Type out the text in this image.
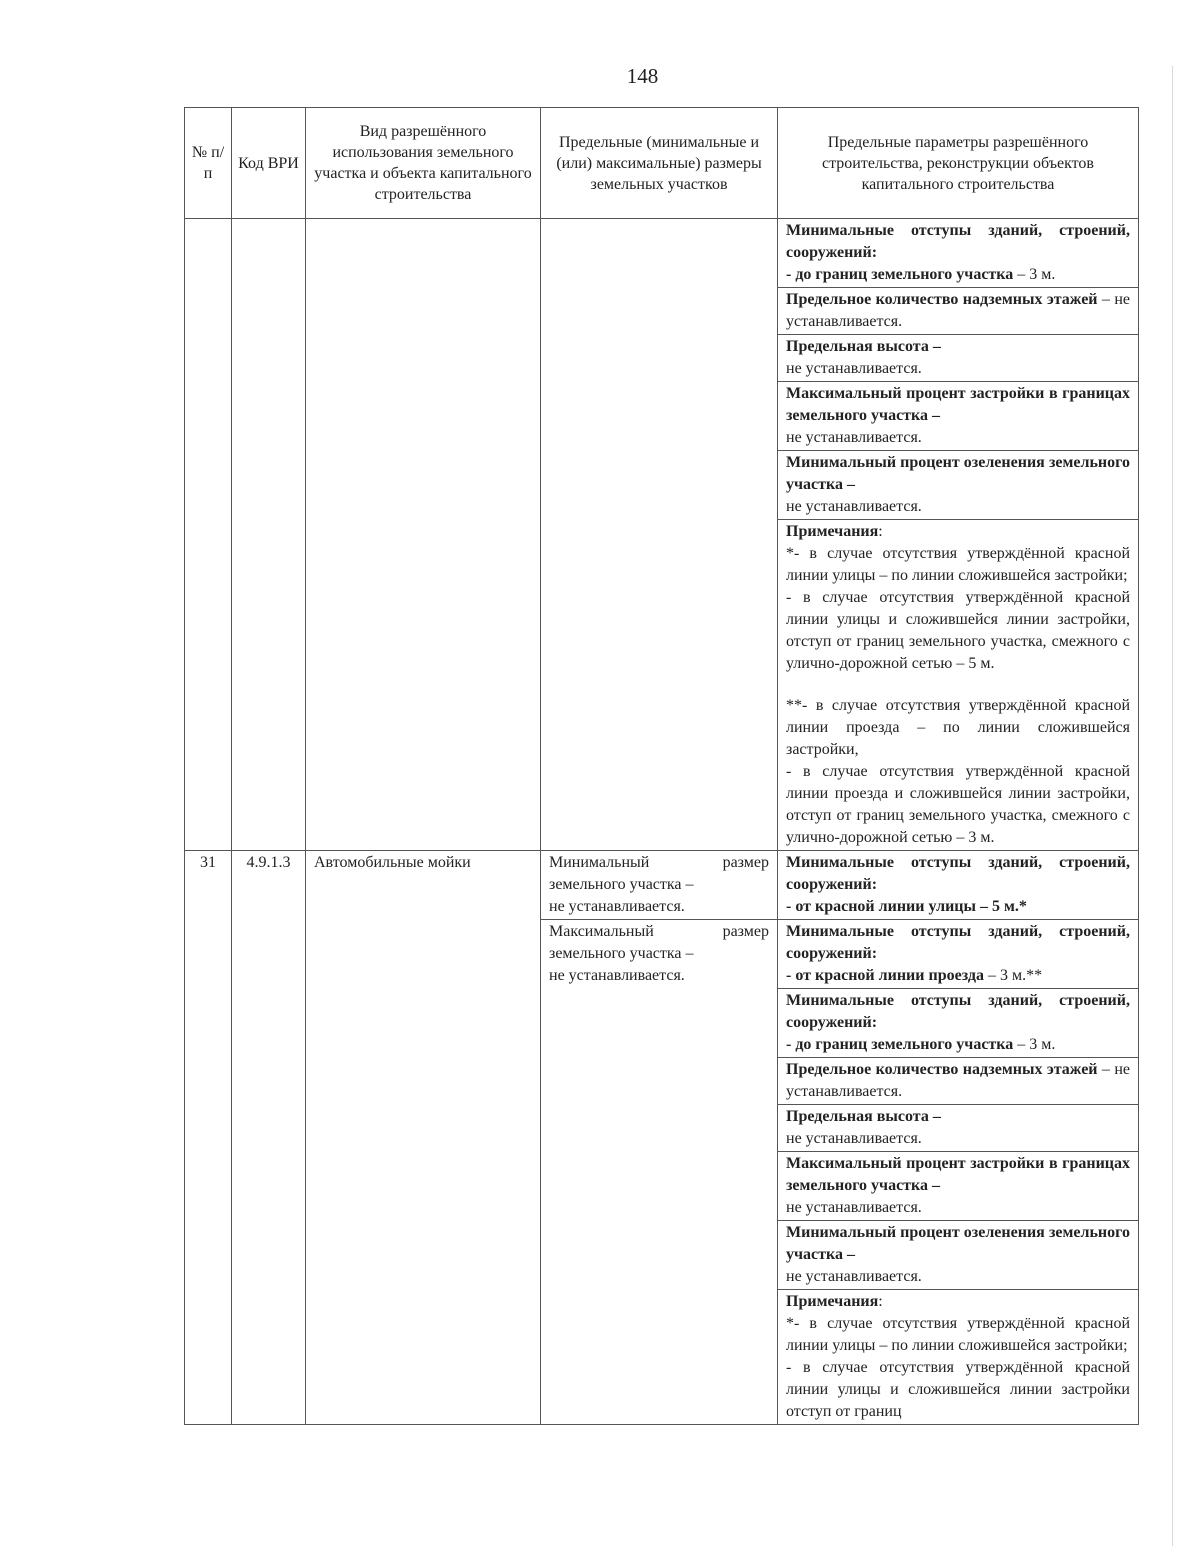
148
№ п/п	Код ВРИ	Вид разрешённого использования земельного участка и объекта капитального строительства	Предельные (минимальные и (или) максимальные) размеры земельных участков	Предельные параметры разрешённого строительства, реконструкции объектов капитального строительства
				Минимальные отступы зданий, строений, сооружений:
- до границ земельного участка – 3 м.
				Предельное количество надземных этажей – не устанавливается.
				Предельная высота –
не устанавливается.
				Максимальный процент застройки в границах земельного участка –
не устанавливается.
				Минимальный процент озеленения земельного участка –
не устанавливается.
				Примечания:
*- в случае отсутствия утверждённой красной линии улицы – по линии сложившейся застройки;
- в случае отсутствия утверждённой красной линии улицы и сложившейся линии застройки, отступ от границ земельного участка, смежного с улично-дорожной сетью – 5 м.
**- в случае отсутствия утверждённой красной линии проезда – по линии сложившейся застройки,
- в случае отсутствия утверждённой красной линии проезда и сложившейся линии застройки, отступ от границ земельного участка, смежного с улично-дорожной сетью – 3 м.
31	4.9.1.3	Автомобильные мойки	Минимальный размер земельного участка –
не устанавливается.	Минимальные отступы зданий, строений, сооружений:
- от красной линии улицы – 5 м.*
			Максимальный размер земельного участка –
не устанавливается.	Минимальные отступы зданий, строений, сооружений:
- от красной линии проезда – 3 м.**
				Минимальные отступы зданий, строений, сооружений:
- до границ земельного участка – 3 м.
				Предельное количество надземных этажей – не устанавливается.
				Предельная высота –
не устанавливается.
				Максимальный процент застройки в границах земельного участка –
не устанавливается.
				Минимальный процент озеленения земельного участка –
не устанавливается.
				Примечания:
*- в случае отсутствия утверждённой красной линии улицы – по линии сложившейся застройки;
- в случае отсутствия утверждённой красной линии улицы и сложившейся линии застройки отступ от границ
